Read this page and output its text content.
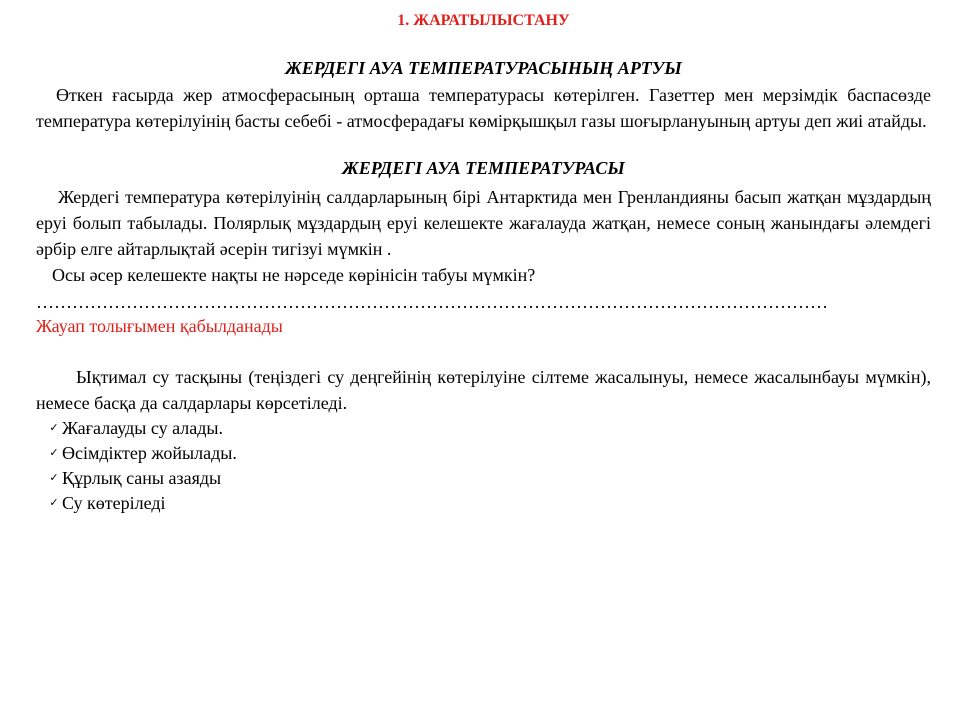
1. ЖАРАТЫЛЫСТАНУ
ЖЕРДЕГІ АУА ТЕМПЕРАТУРАСЫНЫҢ АРТУЫ
Өткен ғасырда жер атмосферасының орташа температурасы көтерілген. Газеттер мен мерзімдік баспасөзде температура көтерілуінің басты себебі - атмосферадағы көмірқышқыл газы шоғырлануының артуы деп жиі атайды.
ЖЕРДЕГІ АУА ТЕМПЕРАТУРАСЫ
Жердегі температура көтерілуінің салдарларының бірі Антарктида мен Гренландияны басып жатқан мұздардың еруі болып табылады. Полярлық мұздардың еруі келешекте жағалауда жатқан, немесе соның жанындағы әлемдегі әрбір елге айтарлықтай әсерін тигізуі мүмкін .
Осы әсер келешекте нақты не нәрседе көрінісін табуы мүмкін?
……………………………………………………………………………………………………………………
Жауап толығымен қабылданады
Ықтимал су тасқыны (теңіздегі су деңгейінің көтерілуіне сілтеме жасалынуы, немесе жасалынбауы мүмкін), немесе басқа да салдарлары көрсетіледі.
✓ Жағалауды су алады.
✓ Өсімдіктер жойылады.
✓ Құрлық саны азаяды
✓ Су көтеріледі
